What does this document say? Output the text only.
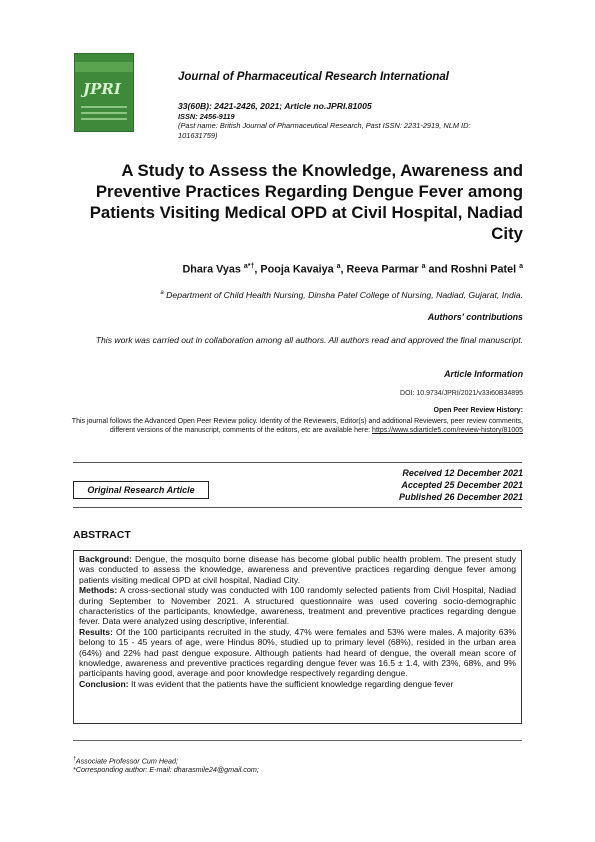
JPRI
Journal of Pharmaceutical Research International
33(60B): 2421-2426, 2021; Article no.JPRI.81005
ISSN: 2456-9119
(Past name: British Journal of Pharmaceutical Research, Past ISSN: 2231-2919, NLM ID: 101631759)
A Study to Assess the Knowledge, Awareness and Preventive Practices Regarding Dengue Fever among Patients Visiting Medical OPD at Civil Hospital, Nadiad City
Dhara Vyas $^{a*\dagger}$, Pooja Kavaiya $^a$, Reeva Parmar $^a$ and Roshni Patel $^a$
$^a$ Department of Child Health Nursing, Dinsha Patel College of Nursing, Nadiad, Gujarat, India.
Authors' contributions
This work was carried out in collaboration among all authors. All authors read and approved the final manuscript.
Article Information
DOI: 10.9734/JPRI/2021/v33i60B34895
Open Peer Review History:
This journal follows the Advanced Open Peer Review policy. Identity of the Reviewers, Editor(s) and additional Reviewers, peer review comments, different versions of the manuscript, comments of the editors, etc are available here: https://www.sdiarticle5.com/review-history/81005
Original Research Article
Received 12 December 2021
Accepted 25 December 2021
Published 26 December 2021
ABSTRACT

Background: Dengue, the mosquito borne disease has become global public health problem. The present study was conducted to assess the knowledge, awareness and preventive practices regarding dengue fever among patients visiting medical OPD at civil hospital, Nadiad City.

Methods: A cross-sectional study was conducted with 100 randomly selected patients from Civil Hospital, Nadiad during September to November 2021. A structured questionnaire was used covering socio-demographic characteristics of the participants, knowledge, awareness, treatment and preventive practices regarding dengue fever. Data were analyzed using descriptive, inferential.

Results: Of the 100 participants recruited in the study, 47% were females and 53% were males. A majority 63% belong to 15 - 45 years of age, were Hindus 80%, studied up to primary level (68%), resided in the urban area (64%) and 22% had past dengue exposure. Although patients had heard of dengue, the overall mean score of knowledge, awareness and preventive practices regarding dengue fever was 16.5 ± 1.4, with 23%, 68%, and 9% participants having good, average and poor knowledge respectively regarding dengue.

Conclusion: It was evident that the patients have the sufficient knowledge regarding dengue fever

†Associate Professor Cum Head;
*Corresponding author: E-mail: dharasmile24@gmail.com;
